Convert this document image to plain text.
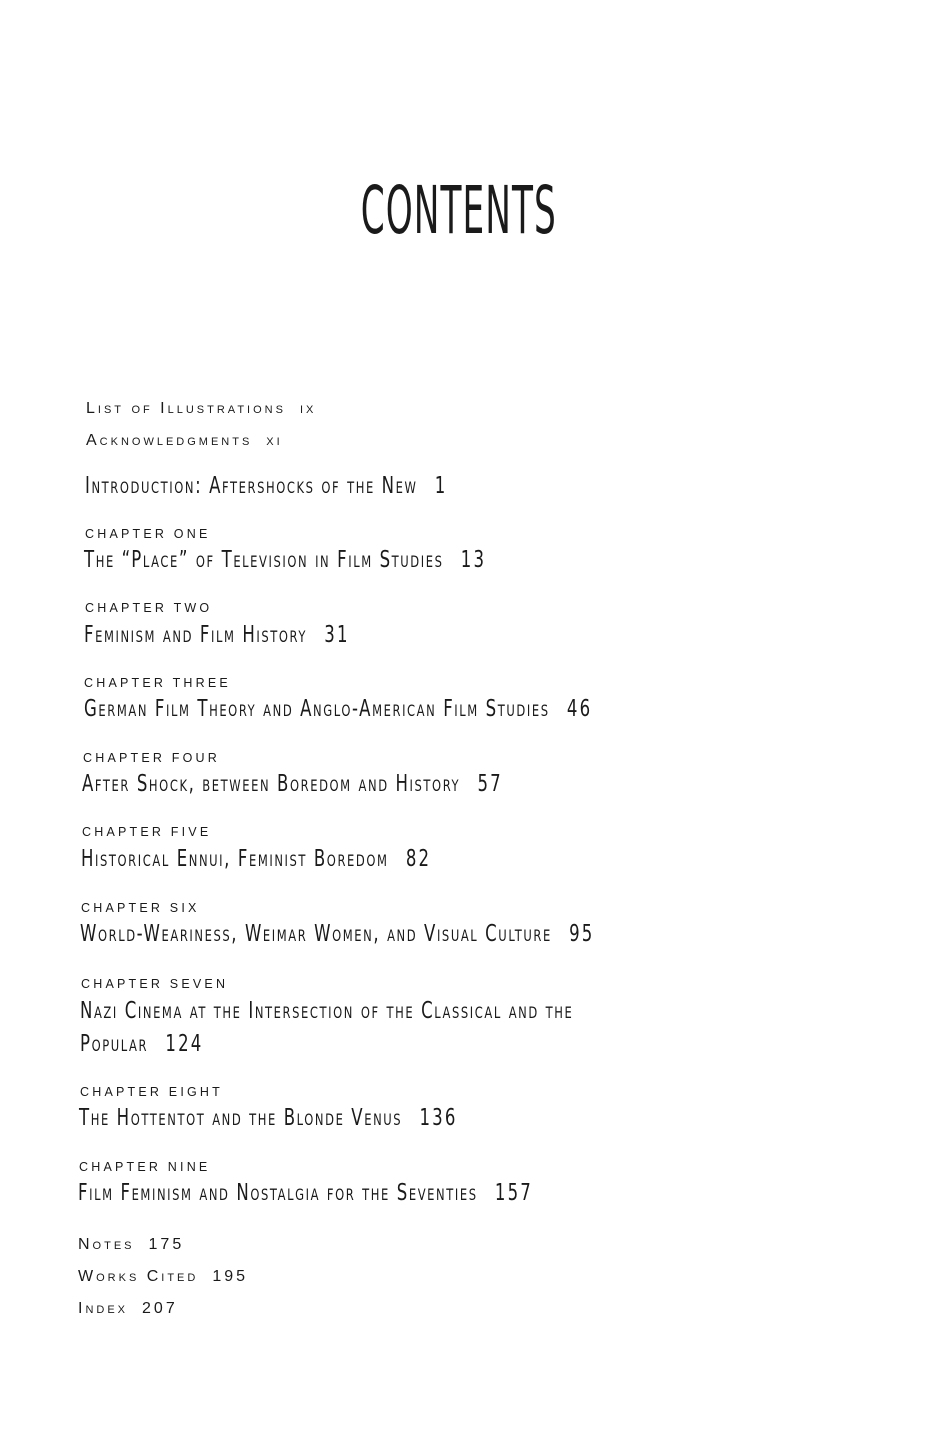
CONTENTS
List of Illustrations ix
Acknowledgments xi
Introduction: Aftershocks of the New 1
CHAPTER ONE
The “Place” of Television in Film Studies 13
CHAPTER TWO
Feminism and Film History 31
CHAPTER THREE
German Film Theory and Anglo-American Film Studies 46
CHAPTER FOUR
After Shock, between Boredom and History 57
CHAPTER FIVE
Historical Ennui, Feminist Boredom 82
CHAPTER SIX
World-Weariness, Weimar Women, and Visual Culture 95
CHAPTER SEVEN
Nazi Cinema at the Intersection of the Classical and the
Popular 124
CHAPTER EIGHT
The Hottentot and the Blonde Venus 136
CHAPTER NINE
Film Feminism and Nostalgia for the Seventies 157
Notes 175
Works Cited 195
Index 207
